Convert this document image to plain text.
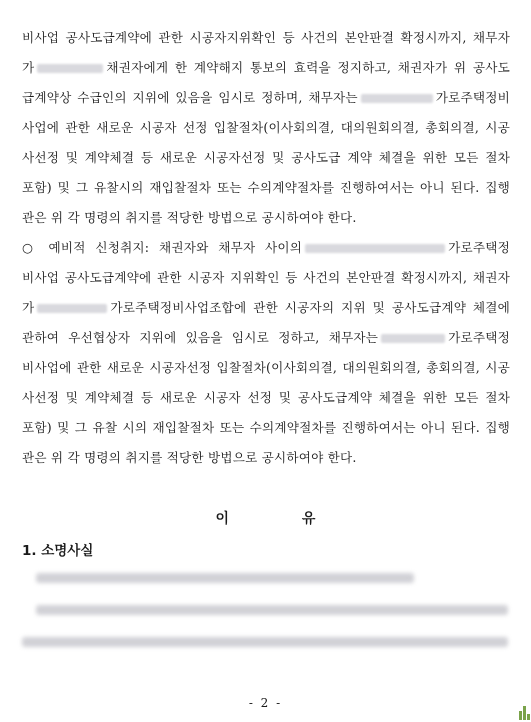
비사업 공사도급계약에 관한 시공자지위확인 등 사건의 본안판결 확정시까지, 채무자
가	채권자에게 한 계약해지 통보의 효력을 정지하고, 채권자가 위 공사도
급계약상 수급인의 지위에 있음을 임시로 정하며, 채무자는	가로주택정비
사업에 관한 새로운 시공자 선정 입찰절차(이사회의결, 대의원회의결, 총회의결, 시공
사선정 및 계약체결 등 새로운 시공자선정 및 공사도급 계약 체결을 위한 모든 절차
포함) 및 그 유찰시의 재입찰절차 또는 수의계약절차를 진행하여서는 아니 된다. 집행
관은 위 각 명령의 취지를 적당한 방법으로 공시하여야 한다.
○ 예비적 신청취지: 채권자와 채무자 사이의	가로주택정
비사업 공사도급계약에 관한 시공자 지위확인 등 사건의 본안판결 확정시까지, 채권자
가	가로주택정비사업조합에 관한 시공자의 지위 및 공사도급계약 체결에
관하여 우선협상자 지위에 있음을 임시로 정하고, 채무자는	가로주택정
비사업에 관한 새로운 시공자선정 입찰절차(이사회의결, 대의원회의결, 총회의결, 시공
사선정 및 계약체결 등 새로운 시공자 선정 및 공사도급계약 체결을 위한 모든 절차
포함) 및 그 유찰 시의 재입찰절차 또는 수의계약절차를 진행하여서는 아니 된다. 집행
관은 위 각 명령의 취지를 적당한 방법으로 공시하여야 한다.
이 유
1. 소명사실
- 2 -
